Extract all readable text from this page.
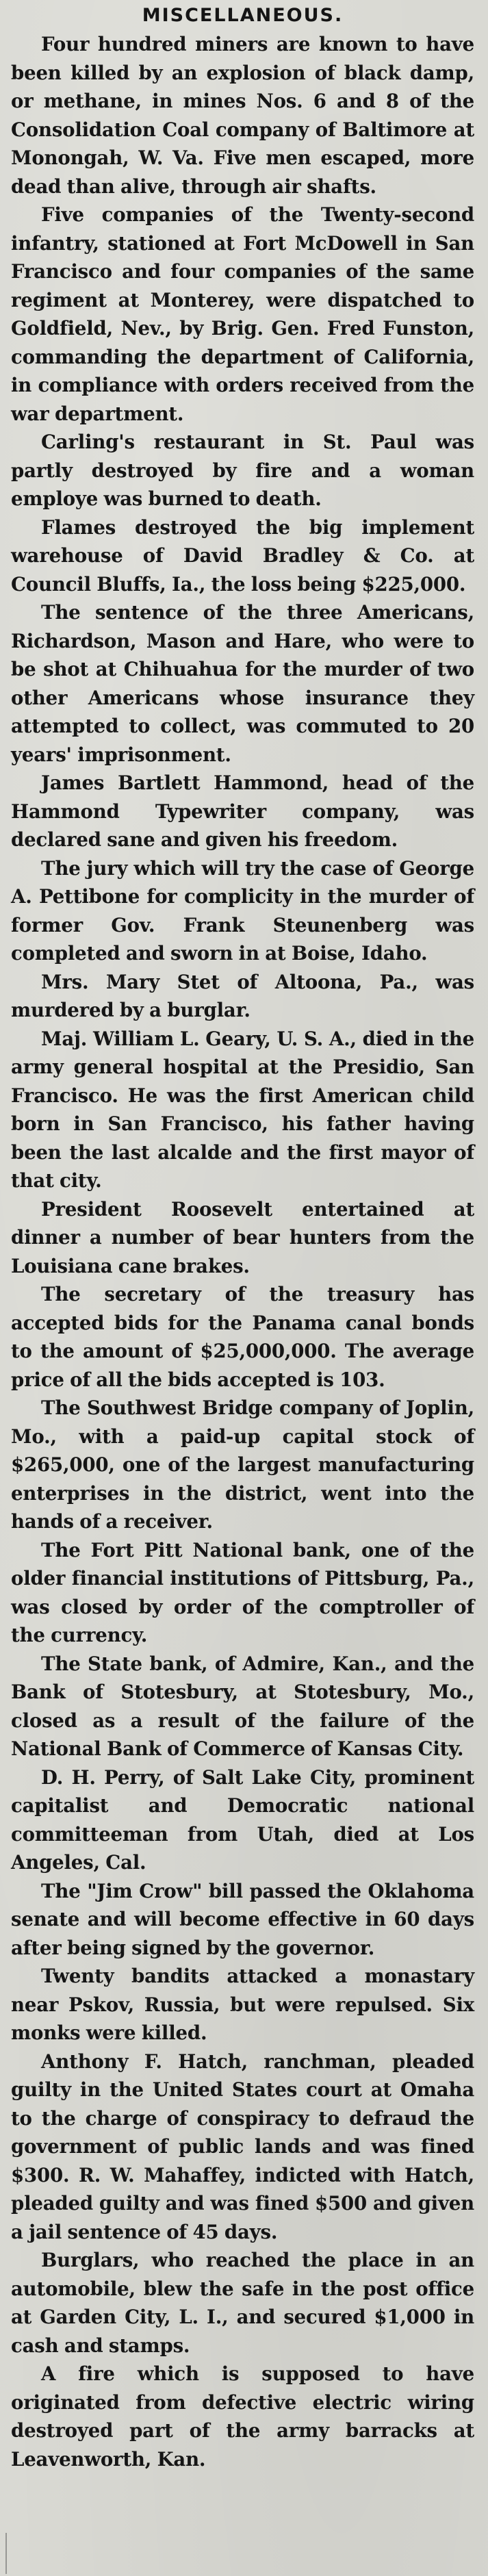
MISCELLANEOUS.

Four hundred miners are known to have been killed by an explosion of black damp, or methane, in mines Nos. 6 and 8 of the Consolidation Coal company of Baltimore at Monongah, W. Va. Five men escaped, more dead than alive, through air shafts.

Five companies of the Twenty-second infantry, stationed at Fort McDowell in San Francisco and four companies of the same regiment at Monterey, were dispatched to Goldfield, Nev., by Brig. Gen. Fred Funston, commanding the department of California, in compliance with orders received from the war department.

Carling's restaurant in St. Paul was partly destroyed by fire and a woman employe was burned to death.

Flames destroyed the big implement warehouse of David Bradley & Co. at Council Bluffs, Ia., the loss being $225,000.

The sentence of the three Americans, Richardson, Mason and Hare, who were to be shot at Chihuahua for the murder of two other Americans whose insurance they attempted to collect, was commuted to 20 years' imprisonment.

James Bartlett Hammond, head of the Hammond Typewriter company, was declared sane and given his freedom.

The jury which will try the case of George A. Pettibone for complicity in the murder of former Gov. Frank Steunenberg was completed and sworn in at Boise, Idaho.

Mrs. Mary Stet of Altoona, Pa., was murdered by a burglar.

Maj. William L. Geary, U. S. A., died in the army general hospital at the Presidio, San Francisco. He was the first American child born in San Francisco, his father having been the last alcalde and the first mayor of that city.

President Roosevelt entertained at dinner a number of bear hunters from the Louisiana cane brakes.

The secretary of the treasury has accepted bids for the Panama canal bonds to the amount of $25,000,000. The average price of all the bids accepted is 103.

The Southwest Bridge company of Joplin, Mo., with a paid-up capital stock of $265,000, one of the largest manufacturing enterprises in the district, went into the hands of a receiver.

The Fort Pitt National bank, one of the older financial institutions of Pittsburg, Pa., was closed by order of the comptroller of the currency.

The State bank, of Admire, Kan., and the Bank of Stotesbury, at Stotesbury, Mo., closed as a result of the failure of the National Bank of Commerce of Kansas City.

D. H. Perry, of Salt Lake City, prominent capitalist and Democratic national committeeman from Utah, died at Los Angeles, Cal.

The "Jim Crow" bill passed the Oklahoma senate and will become effective in 60 days after being signed by the governor.

Twenty bandits attacked a monastary near Pskov, Russia, but were repulsed. Six monks were killed.

Anthony F. Hatch, ranchman, pleaded guilty in the United States court at Omaha to the charge of conspiracy to defraud the government of public lands and was fined $300. R. W. Mahaffey, indicted with Hatch, pleaded guilty and was fined $500 and given a jail sentence of 45 days.

Burglars, who reached the place in an automobile, blew the safe in the post office at Garden City, L. I., and secured $1,000 in cash and stamps.

A fire which is supposed to have originated from defective electric wiring destroyed part of the army barracks at Leavenworth, Kan.
